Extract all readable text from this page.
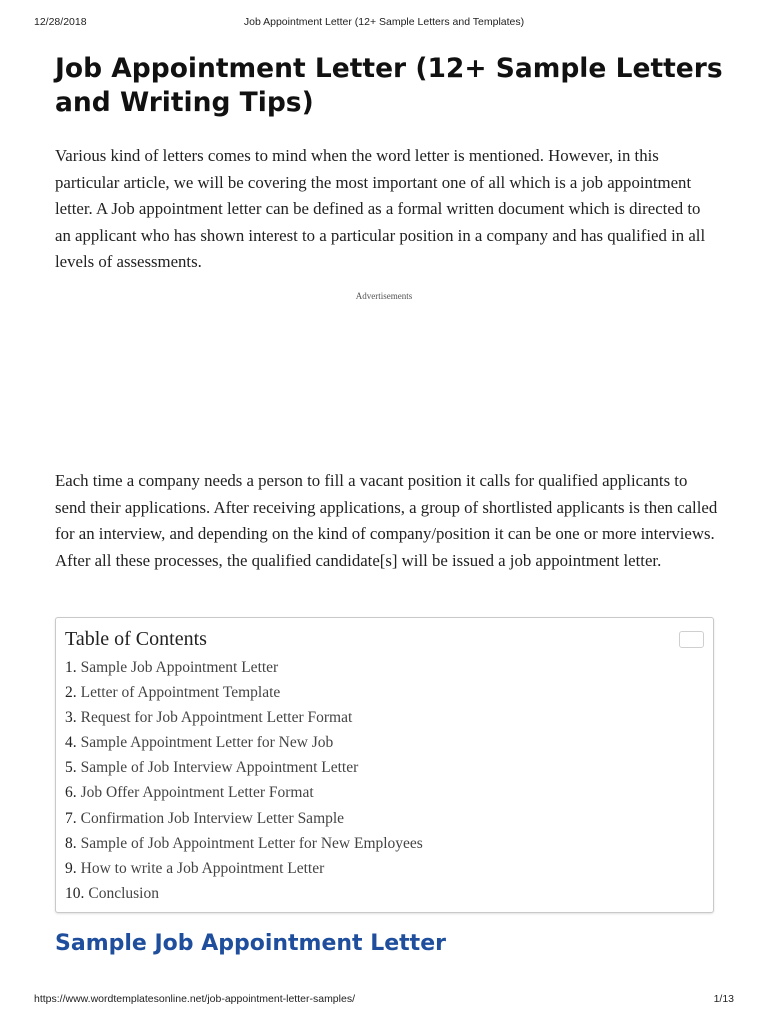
12/28/2018	Job Appointment Letter (12+ Sample Letters and Templates)
Job Appointment Letter (12+ Sample Letters and Writing Tips)

Various kind of letters comes to mind when the word letter is mentioned. However, in this particular article, we will be covering the most important one of all which is a job appointment letter. A Job appointment letter can be defined as a formal written document which is directed to an applicant who has shown interest to a particular position in a company and has qualified in all levels of assessments.

Advertisements

Each time a company needs a person to fill a vacant position it calls for qualified applicants to send their applications. After receiving applications, a group of shortlisted applicants is then called for an interview, and depending on the kind of company/position it can be one or more interviews. After all these processes, the qualified candidate[s] will be issued a job appointment letter.

Table of Contents
1. Sample Job Appointment Letter
2. Letter of Appointment Template
3. Request for Job Appointment Letter Format
4. Sample Appointment Letter for New Job
5. Sample of Job Interview Appointment Letter
6. Job Offer Appointment Letter Format
7. Confirmation Job Interview Letter Sample
8. Sample of Job Appointment Letter for New Employees
9. How to write a Job Appointment Letter
10. Conclusion
Sample Job Appointment Letter
https://www.wordtemplatesonline.net/job-appointment-letter-samples/	1/13
